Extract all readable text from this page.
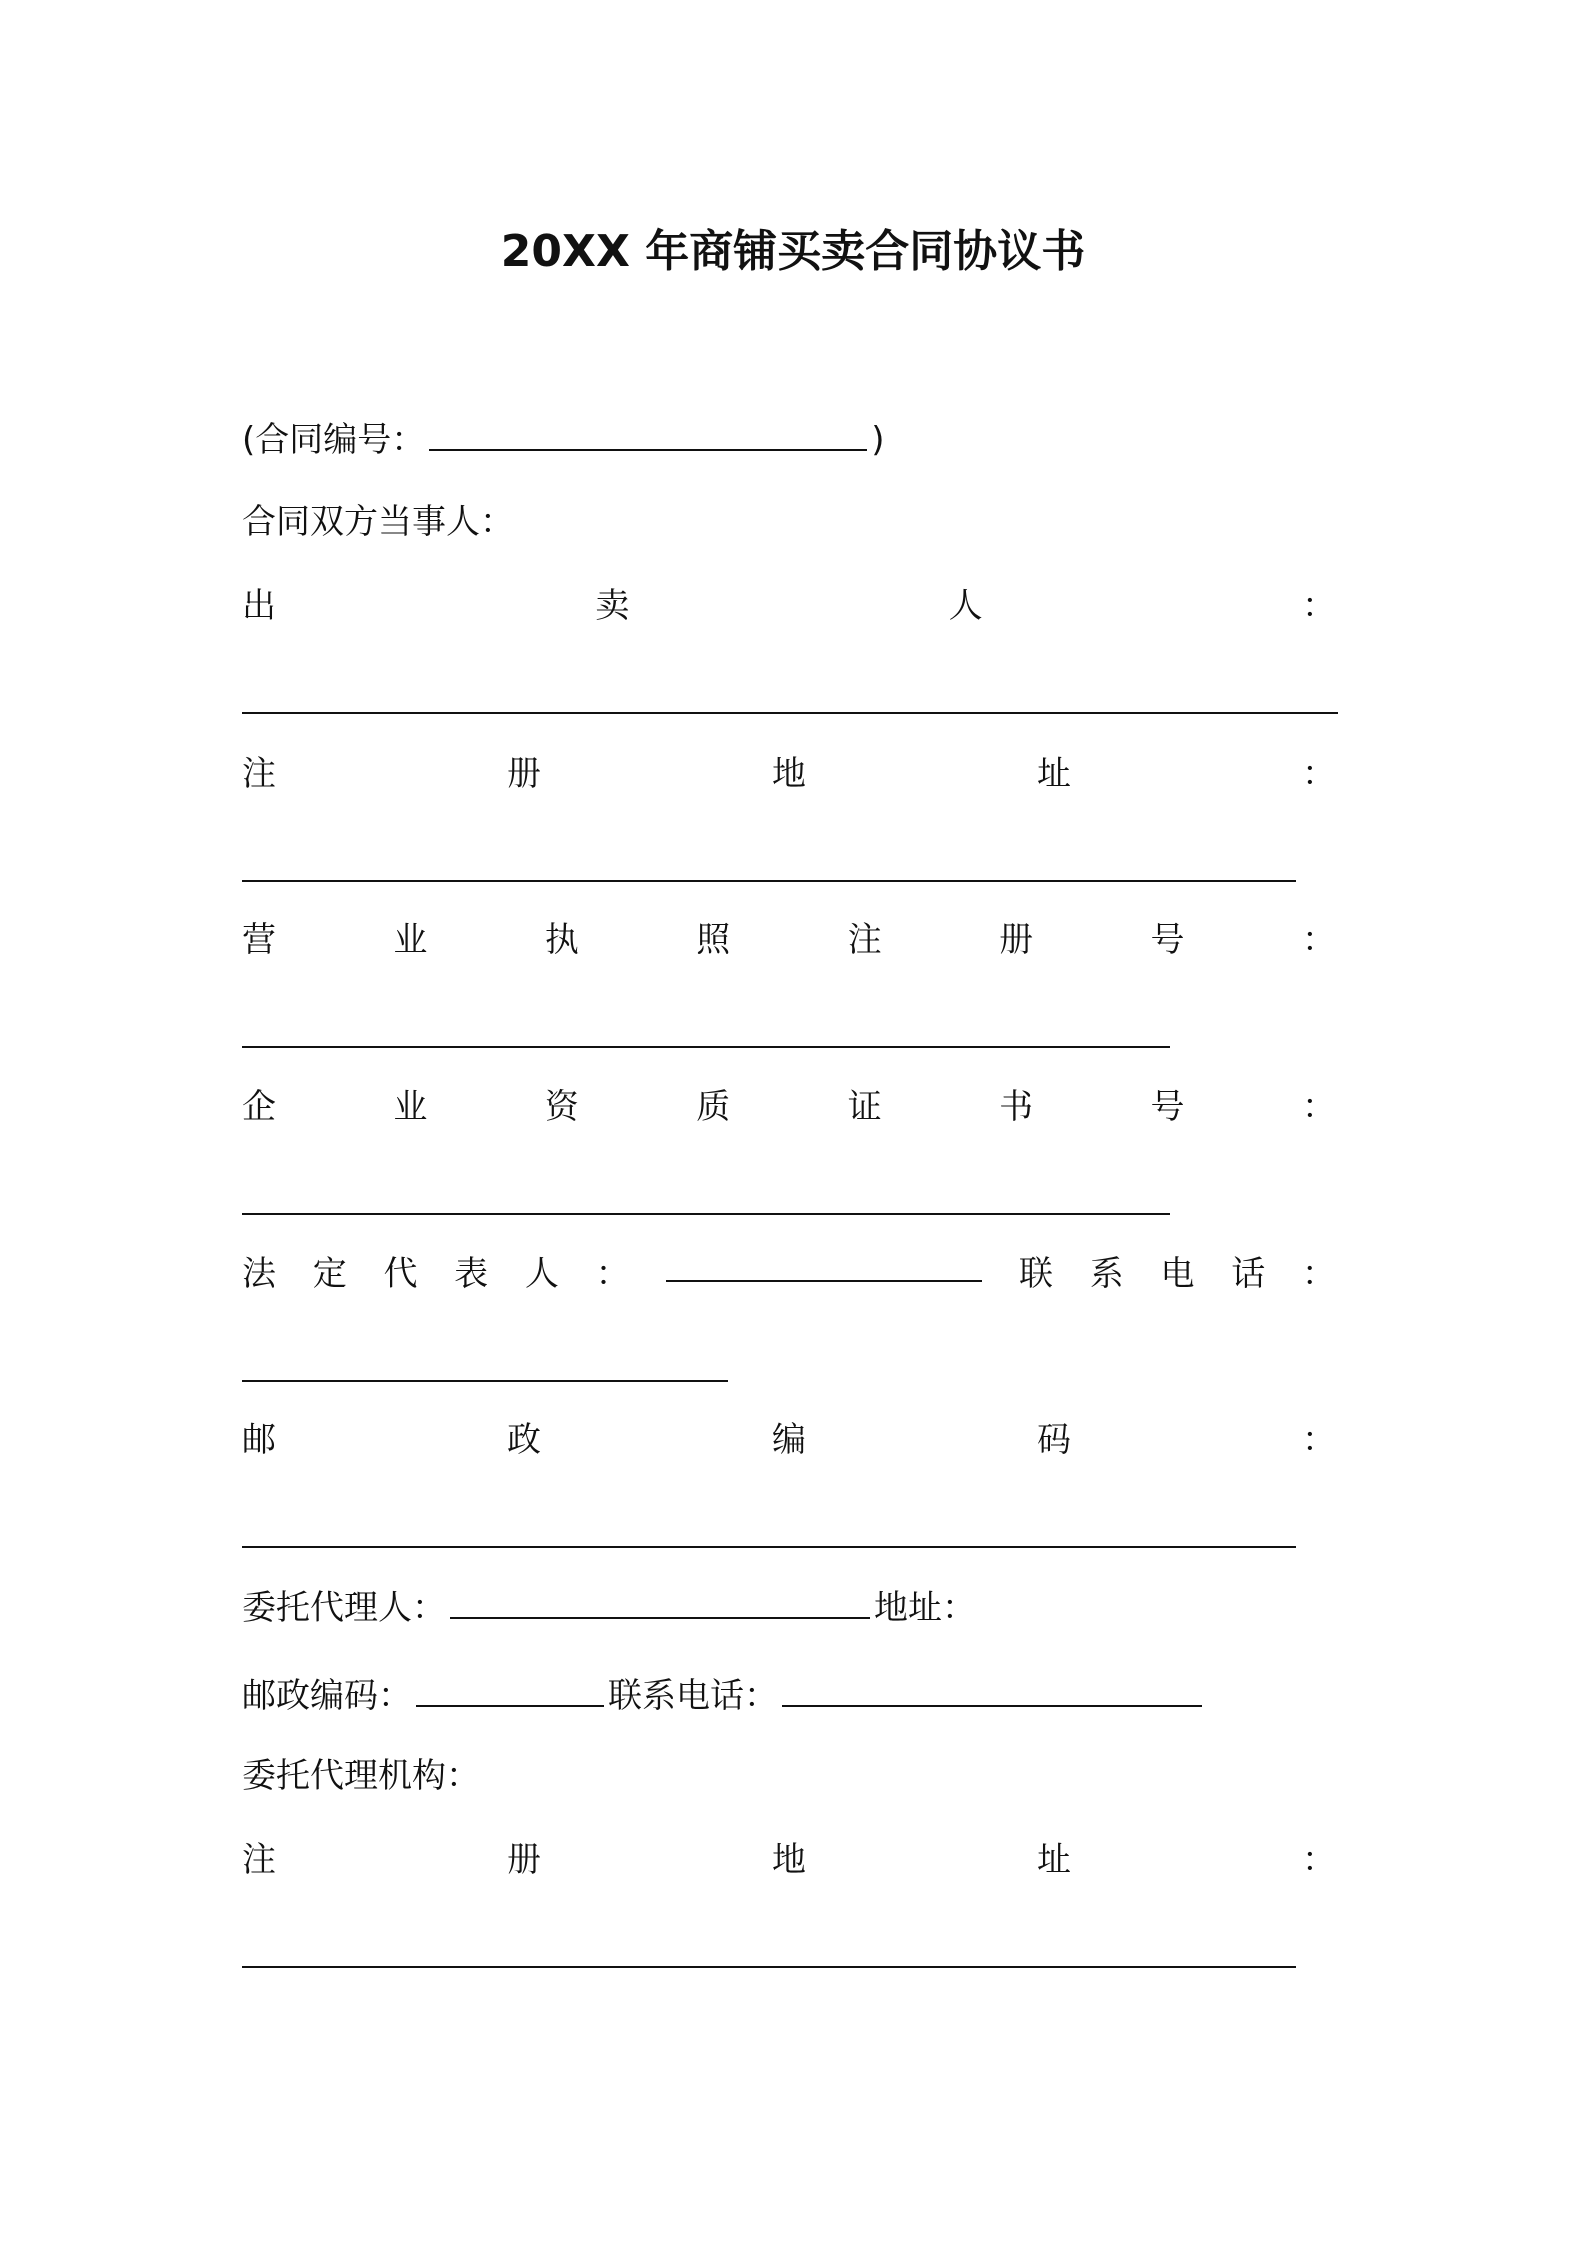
20XX 年商铺买卖合同协议书
(合同编号：	)
合同双方当事人：
出	卖	人	：
注	册	地	址	：
营	业	执	照	注	册	号	：
企	业	资	质	证	书	号	：
法 定 代 表 人 ：	联 系 电 话 ：
邮	政	编	码	：
委托代理人：	地址：
邮政编码：	联系电话：
委托代理机构：
注	册	地	址	：
